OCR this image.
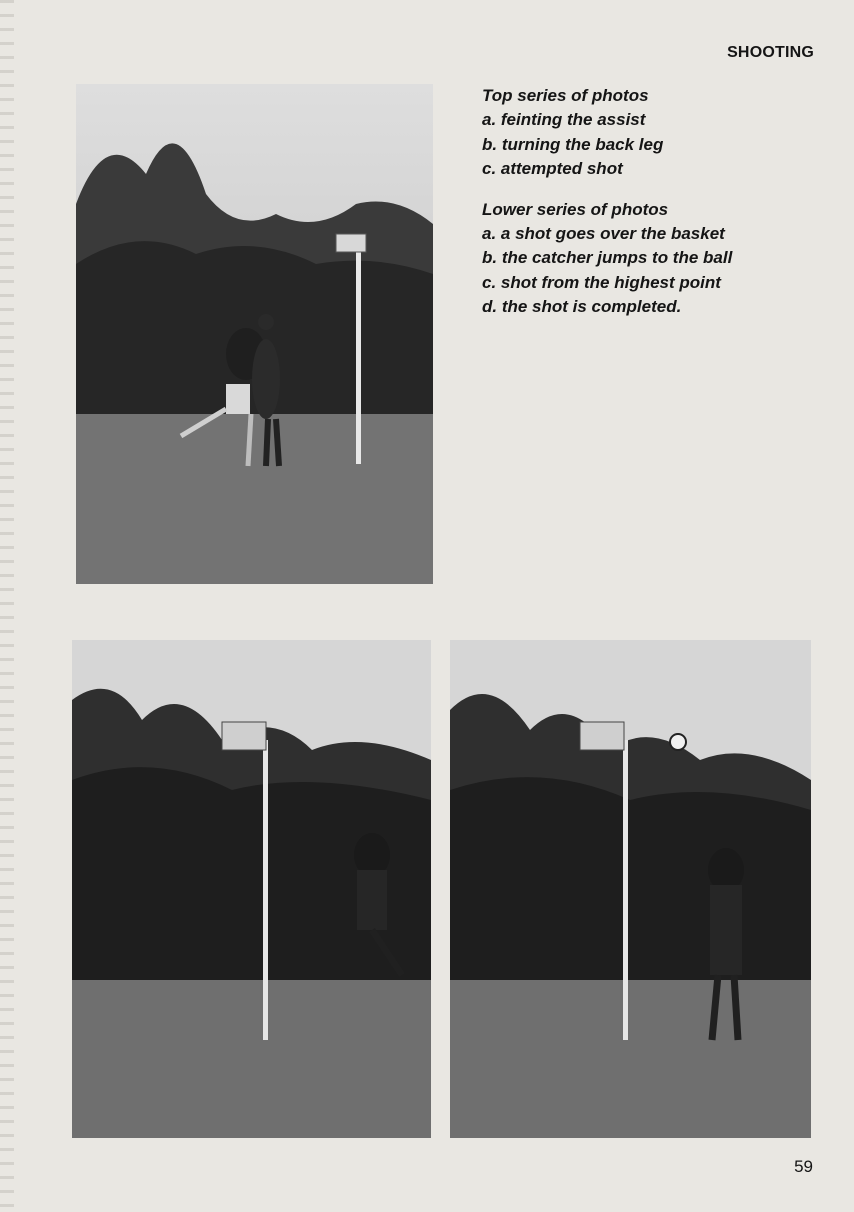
SHOOTING

Top series of photos

a. feinting the assist

b. turning the back leg

c. attempted shot

Lower series of photos

a. a shot goes over the basket

b. the catcher jumps to the ball

c. shot from the highest point

d. the shot is completed.

59
